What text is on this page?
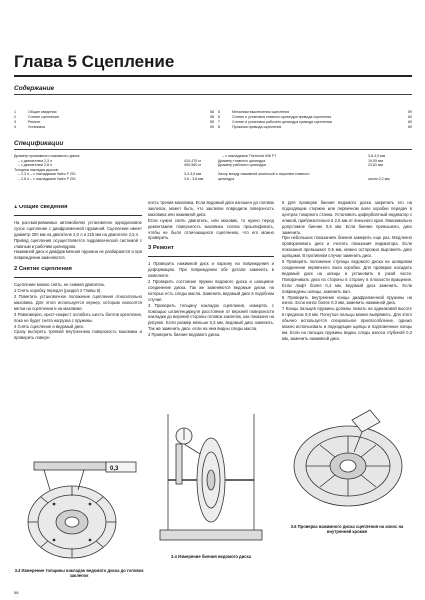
Глава 5 Сцепление
Содержание
1	Общие сведения	58
2	Снятие сцепления	58
3	Ремонт	58
4	Установка	59
5	Механизм выключения сцепления	59
6	Снятие и установка главного цилиндра привода сцепления	60
7	Снятие и установка рабочего цилиндра привода сцепления	60
8	Прокачка привода сцепления	60
Спецификации
Диаметр прижимного нажимного диска:
– с двигателем 2,3 л	410-470 кг
– с двигателем 2,8 л	490-560 кг
Толщина накладок дисков:
– 2,3 л – с накладками Valeo F 201	3,4-3,6 мм
– 2,8 л – с накладками Valeo F 201	3,6 - 3,8 мм
– с накладками Thermoid 946 FT	3,8-4,0 мм
Диаметр главного цилиндра	19,05 мм
Диаметр рабочего цилиндра	23,81 мм
Зазор между нажимной шпилькой и поршнем главного
цилиндра	около 0,2 мм
1 Общие сведения

На рассматриваемых автомобилях установлено однодисковое сухое сцепление с диафрагменной пружиной. Сцепление имеет диаметр 200 мм на двигателе 2,0 л и 215 мм на двигателе 2,5 л.

Привод сцепления осуществляется гидравлической системой с главным и рабочим цилиндром.

Нажимной диск и диафрагменная пружина не разбираются и при повреждении заменяются.

2 Снятие сцепления

Сцепление можно снять, не снимая двигатель.

1 Снять коробку передач (раздел 2 Главы 6).

2 Пометить установочное положение сцепления относительно маховика. Для этого используется кернер, которым наносятся метки на сцеплении и на маховике.

3 Равномерно, крест-накрест ослабить шесть болтов крепления, пока не будет снята нагрузка с пружины.

4 Снять сцепление и ведомый диск.

Сразу вытереть тряпкой внутреннюю поверхность маховика и проверить поверх-

ность трения маховика. Если ведомый диск изношен до головок заклепок, может быть, что заклепки повредили поверхность маховика или нажимной диск.

Если нужно снять двигатель, или маховик, то нужно перед демонтажем поверхность маховика слегка прошлифовать, чтобы не было отличающихся сцеплению, что его можно проверить.

3 Ремонт

1 Проверить нажимной диск и корзину на повреждения и деформацию. При повреждении обе детали заменить в комплекте.

2 Проверить состояние пружин ведомого диска и шлицевое соединение диска. Так же заменяются ведомые диски, на которых есть следы масла. Заменить ведомый диск в подобном случае.

3 Проверить толщину накладок сцепления, измерять с помощью штангенциркуля расстояние от верхней поверхности накладки до верхней стороны головок заклепок, как показано на рисунке. Если размер меньше 0,3 мм, ведомый диск заменить. Так же заменить диск, если на нем видны следы масла.

4 Проверить биение ведомого диска.

5 Для проверки биения ведомого диска закрепить его на подходящем стержне или первичном вале коробки передач в центрах токарного станка. Установить циферблатный индикатор с ножкой, приблизительно в 2,5 мм от внешнего края. Максимально допустимое биение 0,5 мм. Если биение превышено, диск заменить.

При небольших показаниях биения замерить еще раз. Медленно проворачивать диск и считать показания индикатора. Если показания превышают 0,5 мм, можно осторожно выровнять диск щипцами. В противном случае заменить диск.

5 Проверить положение ступицы ведомого диска на шлицевом соединении первичного вала коробки. Для проверки насадить ведомый диск на шлицы и установить в узкой части. Поворачивать диск из стороны в сторону в плоскости вращения. Если люфт более 0,4 мм, ведомый диск заменить. Если повреждены шлицы, заменить вал.

6 Проверить внутренние концы диафрагменной пружины на износ. Если износ более 0,3 мм, заменить нажимной диск.

7 Концы пальцев пружины должны лежать на одинаковой высоте в пределах 0,5 мм. Погнутые пальцы можно выпрямить. Для этого обычно используется специальное приспособление, однако можно использовать и подходящие щипцы и подложенные концы им. Если на пальцах пружины видны следы износа глубиной 0,3 мм, заменить нажимной диск.

0,3
3.3 Измерение толщины накладок ведомого диска до головок заклепок
3.4 Измерение биения ведомого диска
3.6 Проверка нажимного диска сцепления на износ на внутренней кромке
58
